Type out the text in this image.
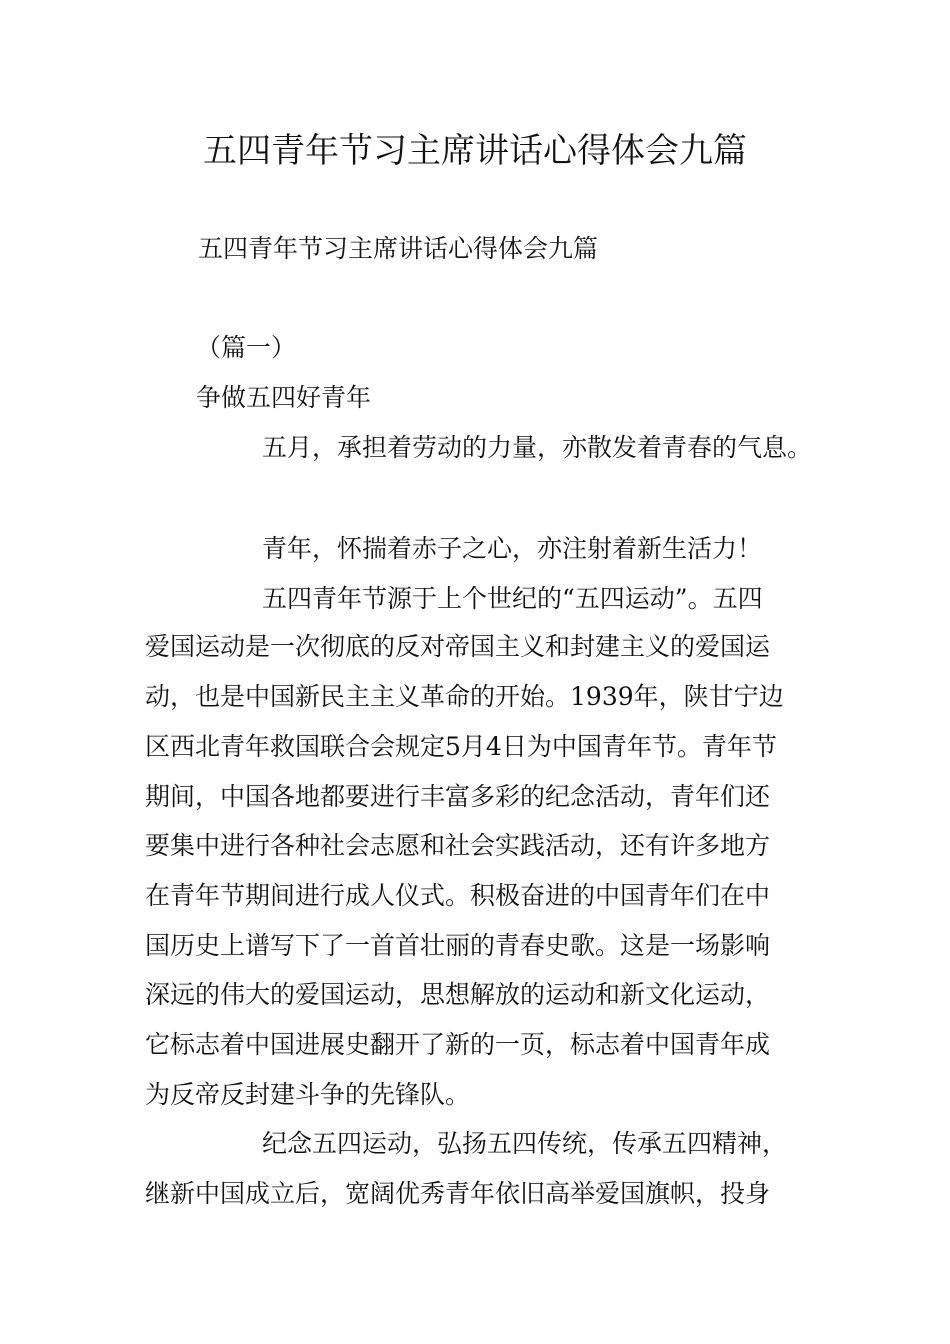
五四青年节习主席讲话心得体会九篇

五四青年节习主席讲话心得体会九篇

（篇一）

争做五四好青年

五月，承担着劳动的力量，亦散发着青春的气息。

青年，怀揣着赤子之心，亦注射着新生活力！

五四青年节源于上个世纪的“五四运动”。五四

爱国运动是一次彻底的反对帝国主义和封建主义的爱国运

动，也是中国新民主主义革命的开始。1939年，陕甘宁边

区西北青年救国联合会规定5月4日为中国青年节。青年节

期间，中国各地都要进行丰富多彩的纪念活动，青年们还

要集中进行各种社会志愿和社会实践活动，还有许多地方

在青年节期间进行成人仪式。积极奋进的中国青年们在中

国历史上谱写下了一首首壮丽的青春史歌。这是一场影响

深远的伟大的爱国运动，思想解放的运动和新文化运动，

它标志着中国进展史翻开了新的一页，标志着中国青年成

为反帝反封建斗争的先锋队。

纪念五四运动，弘扬五四传统，传承五四精神，

继新中国成立后，宽阔优秀青年依旧高举爱国旗帜，投身
